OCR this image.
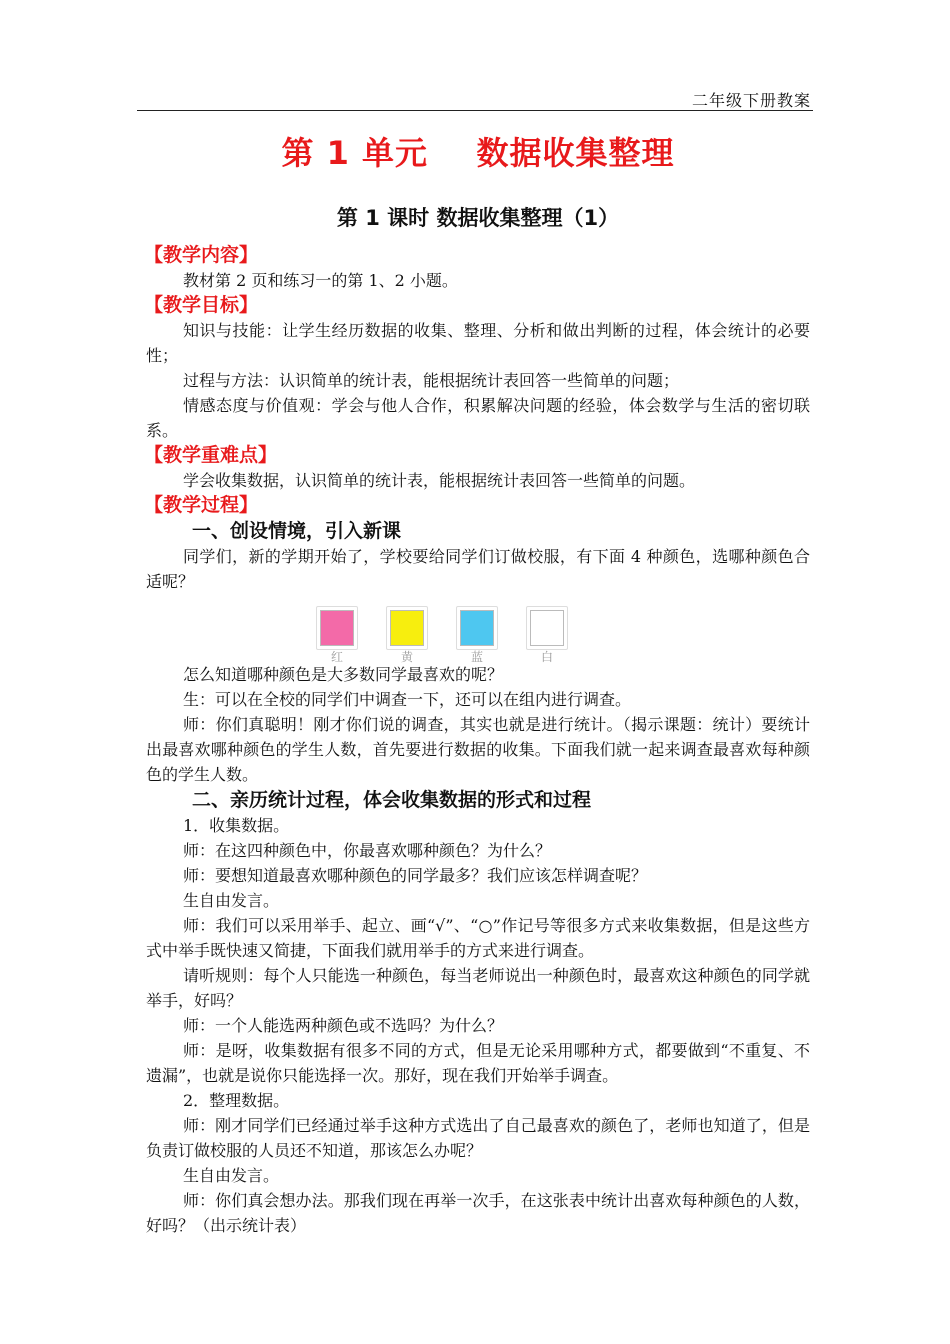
二年级下册教案
第 1 单元    数据收集整理
第 1 课时 数据收集整理（1）
【教学内容】

教材第 2 页和练习一的第 1、2 小题。

【教学目标】

知识与技能：让学生经历数据的收集、整理、分析和做出判断的过程，体会统计的必要性；

过程与方法：认识简单的统计表，能根据统计表回答一些简单的问题；

情感态度与价值观：学会与他人合作，积累解决问题的经验，体会数学与生活的密切联系。

【教学重难点】

学会收集数据，认识简单的统计表，能根据统计表回答一些简单的问题。

【教学过程】
一、创设情境，引入新课

同学们，新的学期开始了，学校要给同学们订做校服，有下面 4 种颜色，选哪种颜色合适呢？

红	黄	蓝	白

怎么知道哪种颜色是大多数同学最喜欢的呢？

生：可以在全校的同学们中调查一下，还可以在组内进行调查。

师：你们真聪明！刚才你们说的调查，其实也就是进行统计。（揭示课题：统计）要统计出最喜欢哪种颜色的学生人数，首先要进行数据的收集。下面我们就一起来调查最喜欢每种颜色的学生人数。

二、亲历统计过程，体会收集数据的形式和过程

1．收集数据。

师：在这四种颜色中，你最喜欢哪种颜色？为什么？

师：要想知道最喜欢哪种颜色的同学最多？我们应该怎样调查呢？

生自由发言。

师：我们可以采用举手、起立、画“√”、“○”作记号等很多方式来收集数据，但是这些方式中举手既快速又简捷，下面我们就用举手的方式来进行调查。

请听规则：每个人只能选一种颜色，每当老师说出一种颜色时，最喜欢这种颜色的同学就举手，好吗？

师：一个人能选两种颜色或不选吗？为什么？

师：是呀，收集数据有很多不同的方式，但是无论采用哪种方式，都要做到“不重复、不遗漏”，也就是说你只能选择一次。那好，现在我们开始举手调查。

2．整理数据。

师：刚才同学们已经通过举手这种方式选出了自己最喜欢的颜色了，老师也知道了，但是负责订做校服的人员还不知道，那该怎么办呢？

生自由发言。

师：你们真会想办法。那我们现在再举一次手，在这张表中统计出喜欢每种颜色的人数，好吗？（出示统计表）
